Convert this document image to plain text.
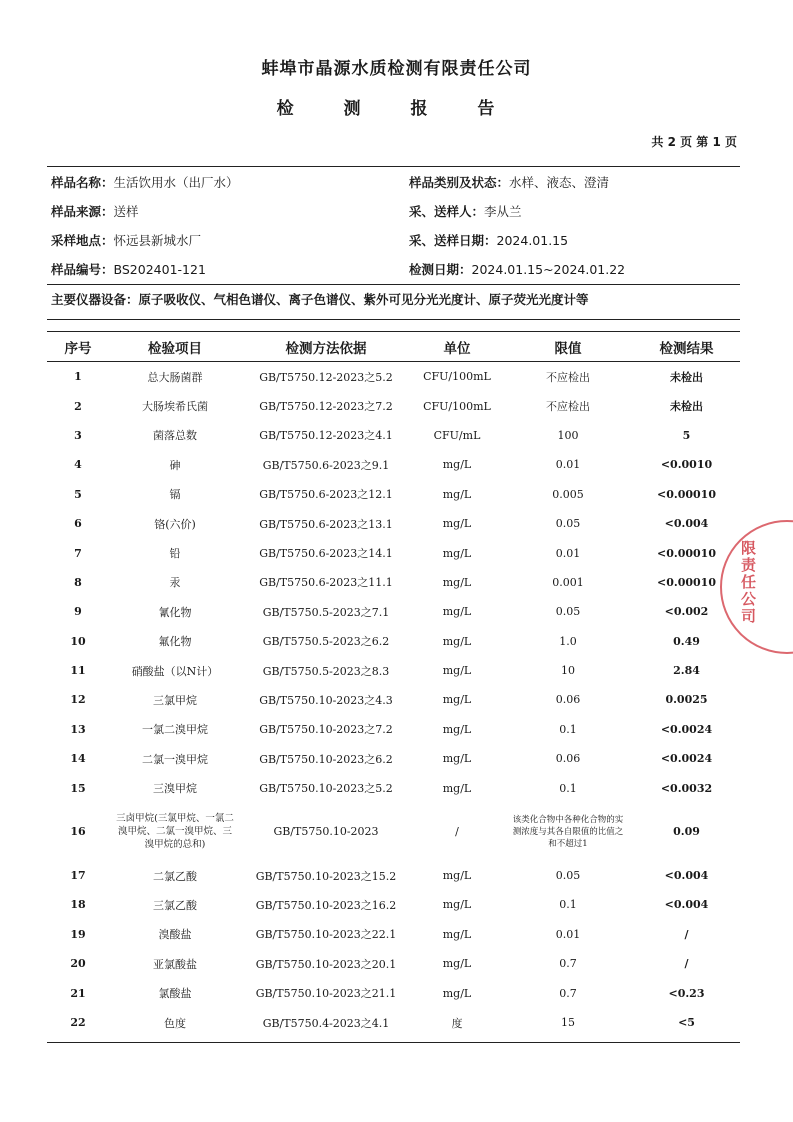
蚌埠市晶源水质检测有限责任公司
检 测 报 告
共 2 页 第 1 页
样品名称：生活饮用水（出厂水）	样品类别及状态：水样、液态、澄清
样品来源：送样	采、送样人：李从兰
采样地点：怀远县新城水厂	采、送样日期：2024.01.15
样品编号：BS202401-121	检测日期：2024.01.15~2024.01.22
主要仪器设备：原子吸收仪、气相色谱仪、离子色谱仪、紫外可见分光光度计、原子荧光光度计等
序号	检验项目	检测方法依据	单位	限值	检测结果
1	总大肠菌群	GB/T5750.12-2023之5.2	CFU/100mL	不应检出	未检出
2	大肠埃希氏菌	GB/T5750.12-2023之7.2	CFU/100mL	不应检出	未检出
3	菌落总数	GB/T5750.12-2023之4.1	CFU/mL	100	5
4	砷	GB/T5750.6-2023之9.1	mg/L	0.01	<0.0010
5	镉	GB/T5750.6-2023之12.1	mg/L	0.005	<0.00010
6	铬(六价)	GB/T5750.6-2023之13.1	mg/L	0.05	<0.004
7	铅	GB/T5750.6-2023之14.1	mg/L	0.01	<0.00010
8	汞	GB/T5750.6-2023之11.1	mg/L	0.001	<0.00010
9	氰化物	GB/T5750.5-2023之7.1	mg/L	0.05	<0.002
10	氟化物	GB/T5750.5-2023之6.2	mg/L	1.0	0.49
11	硝酸盐（以N计）	GB/T5750.5-2023之8.3	mg/L	10	2.84
12	三氯甲烷	GB/T5750.10-2023之4.3	mg/L	0.06	0.0025
13	一氯二溴甲烷	GB/T5750.10-2023之7.2	mg/L	0.1	<0.0024
14	二氯一溴甲烷	GB/T5750.10-2023之6.2	mg/L	0.06	<0.0024
15	三溴甲烷	GB/T5750.10-2023之5.2	mg/L	0.1	<0.0032
16	三卤甲烷(三氯甲烷、一氯二溴甲烷、二氯一溴甲烷、三溴甲烷的总和)	GB/T5750.10-2023	/	该类化合物中各种化合物的实测浓度与其各自限值的比值之和不超过1	0.09
17	二氯乙酸	GB/T5750.10-2023之15.2	mg/L	0.05	<0.004
18	三氯乙酸	GB/T5750.10-2023之16.2	mg/L	0.1	<0.004
19	溴酸盐	GB/T5750.10-2023之22.1	mg/L	0.01	/
20	亚氯酸盐	GB/T5750.10-2023之20.1	mg/L	0.7	/
21	氯酸盐	GB/T5750.10-2023之21.1	mg/L	0.7	<0.23
22	色度	GB/T5750.4-2023之4.1	度	15	<5
限责任公司
